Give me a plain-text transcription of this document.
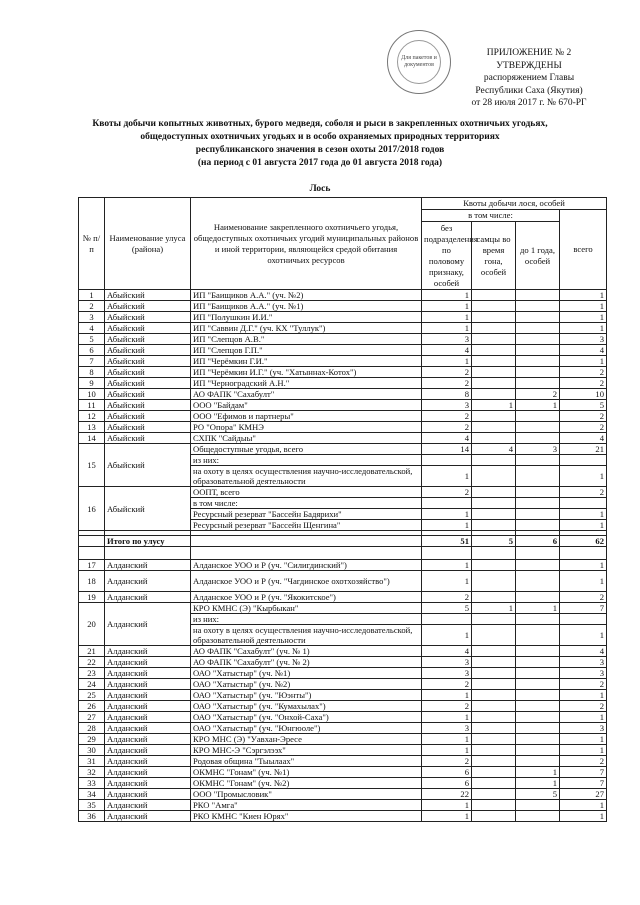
Для пакетов и документов
ПРИЛОЖЕНИЕ № 2
УТВЕРЖДЕНЫ
распоряжением Главы
Республики Саха (Якутия)
от 28 июля 2017 г. № 670-РГ
Квоты добычи копытных животных, бурого медведя, соболя и рыси в закрепленных охотничьих угодьях,
общедоступных охотничьих угодьях и в особо охраняемых природных территориях
республиканского значения в сезон охоты 2017/2018 годов
(на период с 01 августа 2017 года до 01 августа 2018 года)
Лось
№ п/п	Наименование улуса (района)	Наименование закрепленного охотничьего угодья, общедоступных охотничьих угодий муниципальных районов и иной территории, являющейся средой обитания охотничьих ресурсов	Квоты добычи лося, особей			
			в том числе:			всего
			без подразделения по половому признаку, особей	самцы во время гона, особей	до 1 года, особей	
1	Абыйский	ИП "Баищиков А.А." (уч. №2)	1			1
2	Абыйский	ИП "Баищиков А.А." (уч. №1)	1			1
3	Абыйский	ИП "Полушкин И.И."	1			1
4	Абыйский	ИП "Саввин Д.Г." (уч. КХ "Туллук")	1			1
5	Абыйский	ИП "Слепцов А.В."	3			3
6	Абыйский	ИП "Слепцов Г.П."	4			4
7	Абыйский	ИП "Черёмкин Г.И."	1			1
8	Абыйский	ИП "Черёмкин И.Г." (уч. "Хатыннах-Котох")	2			2
9	Абыйский	ИП "Черноградский А.Н."	2			2
10	Абыйский	АО ФАПК "Сахабулт"	8		2	10
11	Абыйский	ООО "Байдам"	3	1	1	5
12	Абыйский	ООО "Ефимов и партнеры"	2			2
13	Абыйский	РО "Опора" КМНЭ	2			2
14	Абыйский	СХПК "Сайдыы"	4			4
15	Абыйский	Общедоступные угодья, всего	14	4	3	21
		из них:				
		на охоту в целях осуществления научно-исследовательской, образовательной деятельности	1			1
16	Абыйский	ООПТ, всего	2			2
		в том числе:				
		Ресурсный резерват "Бассейн Бадярихи"	1			1
		Ресурсный резерват "Бассейн Щенгина"	1			1

	Итого по улусу		51	5	6	62

17	Алданский	Алданское УОО и Р (уч. "Силигдинский")	1			1
18	Алданский	Алданское УОО и Р (уч. "Чагдинское охотхозяйство")	1			1
19	Алданский	Алданское УОО и Р (уч. "Якокитское")	2			2
20	Алданский	КРО КМНС (Э) "Кырбыкан"	5	1	1	7
		из них:				
		на охоту в целях осуществления научно-исследовательской, образовательной деятельности	1			1
21	Алданский	АО ФАПК "Сахабулт" (уч. № 1)	4			4
22	Алданский	АО ФАПК "Сахабулт" (уч. № 2)	3			3
23	Алданский	ОАО "Хатыстыр" (уч. №1)	3			3
24	Алданский	ОАО "Хатыстыр" (уч. №2)	2			2
25	Алданский	ОАО "Хатыстыр" (уч. "Юэнты")	1			1
26	Алданский	ОАО "Хатыстыр" (уч. "Кумахылах")	2			2
27	Алданский	ОАО "Хатыстыр" (уч. "Онхой-Саха")	1			1
28	Алданский	ОАО "Хатыстыр" (уч. "Юнгюоле")	3			3
29	Алданский	КРО МНС (Э) "Уавхан-Эресе	1			1
30	Алданский	КРО МНС-Э "Сэргэлээх"	1			1
31	Алданский	Родовая община "Тыылаах"	2			2
32	Алданский	ОКМНС "Гонам" (уч. №1)	6		1	7
33	Алданский	ОКМНС "Гонам" (уч. №2)	6		1	7
34	Алданский	ООО "Промысловик"	22		5	27
35	Алданский	РКО "Амга"	1			1
36	Алданский	РКО КМНС "Киен Юрях"	1			1
